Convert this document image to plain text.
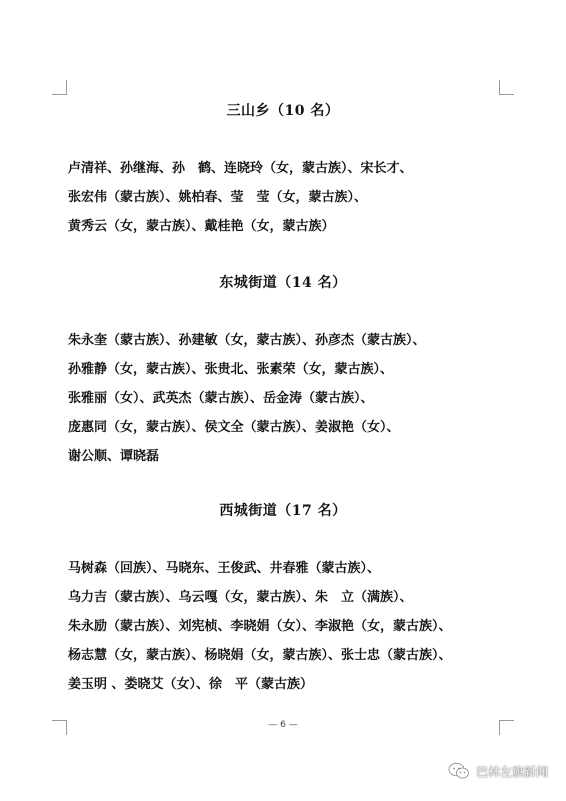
三山乡（10 名）
卢清祥、孙继海、孙　鹤、连晓玲（女，蒙古族）、宋长才、
张宏伟（蒙古族）、姚柏春、莹　莹（女，蒙古族）、
黄秀云（女，蒙古族）、戴桂艳（女，蒙古族）
东城街道（14 名）
朱永奎（蒙古族）、孙建敏（女，蒙古族）、孙彦杰（蒙古族）、
孙雅静（女，蒙古族）、张贵北、张素荣（女，蒙古族）、
张雅丽（女）、武英杰（蒙古族）、岳金涛（蒙古族）、
庞惠同（女，蒙古族）、侯文全（蒙古族）、姜淑艳（女）、
谢公顺、谭晓磊
西城街道（17 名）
马树森（回族）、马晓东、王俊武、井春雅（蒙古族）、
乌力吉（蒙古族）、乌云嘎（女，蒙古族）、朱　立（满族）、
朱永励（蒙古族）、刘宪桢、李晓娟（女）、李淑艳（女，蒙古族）、
杨志慧（女，蒙古族）、杨晓娟（女，蒙古族）、张士忠（蒙古族）、
姜玉明 、娄晓艾（女）、徐　平（蒙古族）
— 6 —
巴林左旗新闻
